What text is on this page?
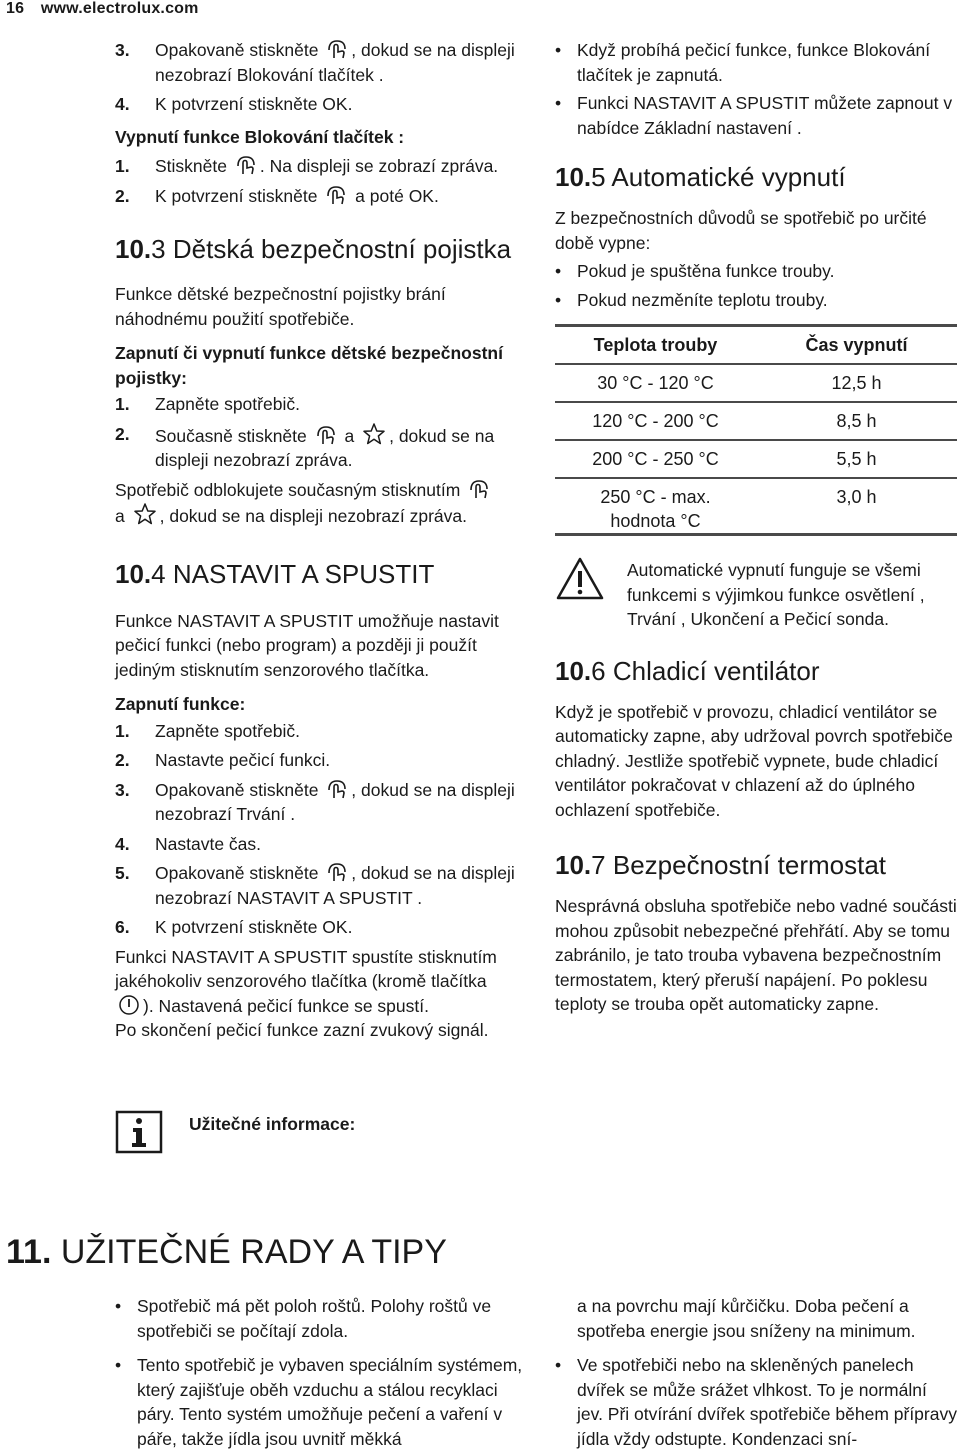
16 www.electrolux.com
3. Opakovaně stiskněte , dokud se na displeji nezobrazí Blokování tlačítek .
4. K potvrzení stiskněte OK.
Vypnutí funkce Blokování tlačítek :
1. Stiskněte . Na displeji se zobrazí zpráva.
2. K potvrzení stiskněte  a poté OK.
10.3 Dětská bezpečnostní pojistka
Funkce dětské bezpečnostní pojistky brání náhodnému použití spotřebiče.
Zapnutí či vypnutí funkce dětské bezpečnostní pojistky:
1. Zapněte spotřebič.
2. Současně stiskněte  a , dokud se na displeji nezobrazí zpráva.
Spotřebič odblokujete současným stisknutím
a , dokud se na displeji nezobrazí zpráva.
10.4 NASTAVIT A SPUSTIT
Funkce NASTAVIT A SPUSTIT umožňuje nastavit pečicí funkci (nebo program) a později ji použít jediným stisknutím senzorového tlačítka.
Zapnutí funkce:
1. Zapněte spotřebič.
2. Nastavte pečicí funkci.
3. Opakovaně stiskněte , dokud se na displeji nezobrazí Trvání .
4. Nastavte čas.
5. Opakovaně stiskněte , dokud se na displeji nezobrazí NASTAVIT A SPUSTIT .
6. K potvrzení stiskněte OK.
Funkci NASTAVIT A SPUSTIT spustíte stisknutím jakéhokoliv senzorového tlačítka (kromě tlačítka ). Nastavená pečicí funkce se spustí.
Po skončení pečicí funkce zazní zvukový signál.
Užitečné informace:
• Když probíhá pečicí funkce, funkce Blokování tlačítek je zapnutá.
• Funkci NASTAVIT A SPUSTIT můžete zapnout v nabídce Základní nastavení .
10.5 Automatické vypnutí
Z bezpečnostních důvodů se spotřebič po určité době vypne:
• Pokud je spuštěna funkce trouby.
• Pokud nezměníte teplotu trouby.
Teplota trouby	Čas vypnutí
30 °C - 120 °C	12,5 h
120 °C - 200 °C	8,5 h
200 °C - 250 °C	5,5 h
250 °C - max. hodnota °C	3,0 h
Automatické vypnutí funguje se všemi funkcemi s výjimkou funkce osvětlení , Trvání , Ukončení a Pečicí sonda.
10.6 Chladicí ventilátor
Když je spotřebič v provozu, chladicí ventilátor se automaticky zapne, aby udržoval povrch spotřebiče chladný. Jestliže spotřebič vypnete, bude chladicí ventilátor pokračovat v chlazení až do úplného ochlazení spotřebiče.
10.7 Bezpečnostní termostat
Nesprávná obsluha spotřebiče nebo vadné součásti mohou způsobit nebezpečné přehřátí. Aby se tomu zabránilo, je tato trouba vybavena bezpečnostním termostatem, který přeruší napájení. Po poklesu teploty se trouba opět automaticky zapne.
11. UŽITEČNÉ RADY A TIPY
• Spotřebič má pět poloh roštů. Polohy roštů ve spotřebiči se počítají zdola.
• Tento spotřebič je vybaven speciálním systémem, který zajišťuje oběh vzduchu a stálou recyklaci páry. Tento systém umožňuje pečení a vaření v páře, takže jídla jsou uvnitř měkká
a na povrchu mají kůrčičku. Doba pečení a spotřeba energie jsou sníženy na minimum.
• Ve spotřebiči nebo na skleněných panelech dvířek se může srážet vlhkost. To je normální jev. Při otvírání dvířek spotřebiče během přípravy jídla vždy odstupte. Kondenzaci sní-
